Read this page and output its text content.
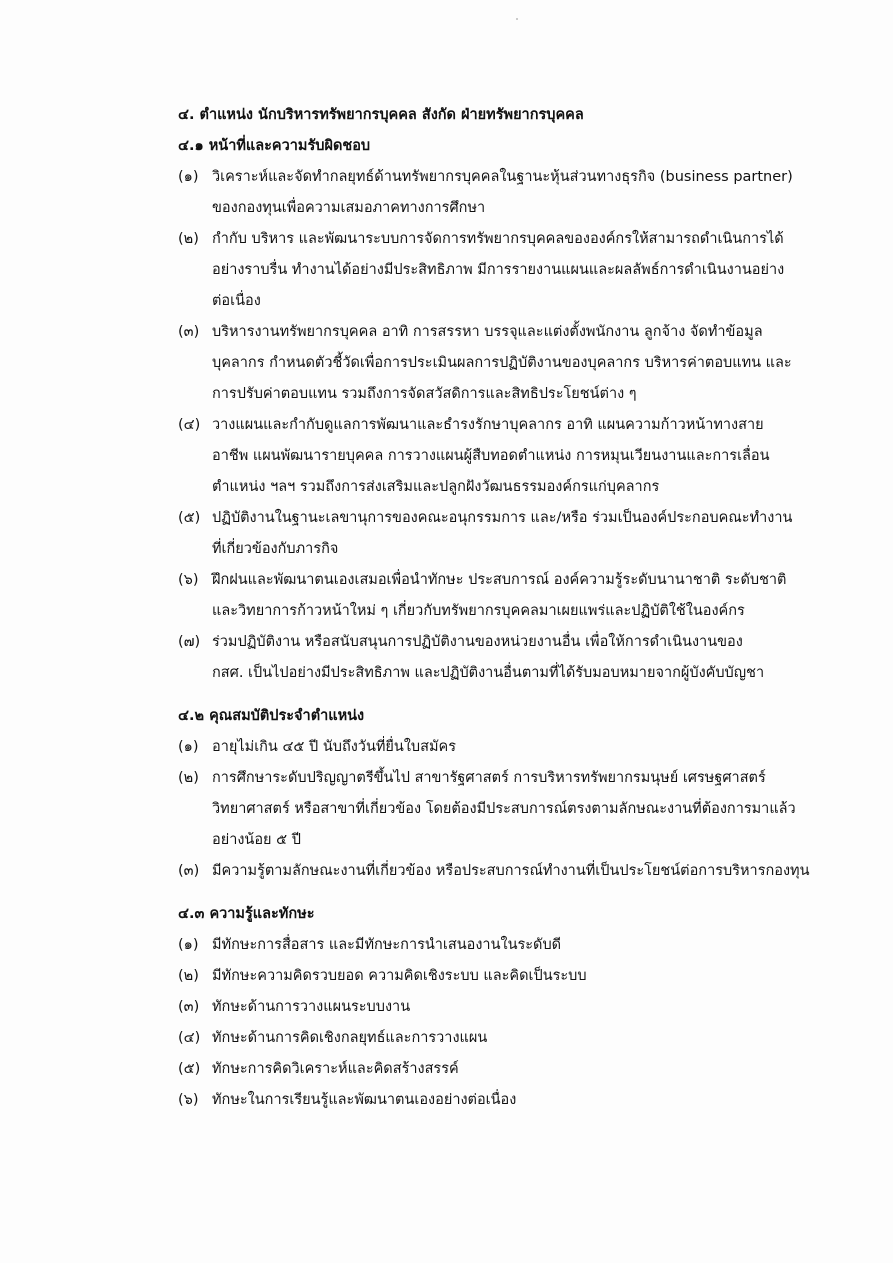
๔. ตำแหน่ง นักบริหารทรัพยากรบุคคล สังกัด ฝ่ายทรัพยากรบุคคล

๔.๑ หน้าที่และความรับผิดชอบ

(๑) วิเคราะห์และจัดทำกลยุทธ์ด้านทรัพยากรบุคคลในฐานะหุ้นส่วนทางธุรกิจ (business partner)
ของกองทุนเพื่อความเสมอภาคทางการศึกษา
(๒) กำกับ บริหาร และพัฒนาระบบการจัดการทรัพยากรบุคคลขององค์กรให้สามารถดำเนินการได้
อย่างราบรื่น ทำงานได้อย่างมีประสิทธิภาพ มีการรายงานแผนและผลลัพธ์การดำเนินงานอย่าง
ต่อเนื่อง
(๓) บริหารงานทรัพยากรบุคคล อาทิ การสรรหา บรรจุและแต่งตั้งพนักงาน ลูกจ้าง จัดทำข้อมูล
บุคลากร กำหนดตัวชี้วัดเพื่อการประเมินผลการปฏิบัติงานของบุคลากร บริหารค่าตอบแทน และ
การปรับค่าตอบแทน รวมถึงการจัดสวัสดิการและสิทธิประโยชน์ต่าง ๆ
(๔) วางแผนและกำกับดูแลการพัฒนาและธำรงรักษาบุคลากร อาทิ แผนความก้าวหน้าทางสาย
อาชีพ แผนพัฒนารายบุคคล การวางแผนผู้สืบทอดตำแหน่ง การหมุนเวียนงานและการเลื่อน
ตำแหน่ง ฯลฯ รวมถึงการส่งเสริมและปลูกฝังวัฒนธรรมองค์กรแก่บุคลากร
(๕) ปฏิบัติงานในฐานะเลขานุการของคณะอนุกรรมการ และ/หรือ ร่วมเป็นองค์ประกอบคณะทำงาน
ที่เกี่ยวข้องกับภารกิจ
(๖) ฝึกฝนและพัฒนาตนเองเสมอเพื่อนำทักษะ ประสบการณ์ องค์ความรู้ระดับนานาชาติ ระดับชาติ
และวิทยาการก้าวหน้าใหม่ ๆ เกี่ยวกับทรัพยากรบุคคลมาเผยแพร่และปฏิบัติใช้ในองค์กร
(๗) ร่วมปฏิบัติงาน หรือสนับสนุนการปฏิบัติงานของหน่วยงานอื่น เพื่อให้การดำเนินงานของ
กสศ. เป็นไปอย่างมีประสิทธิภาพ และปฏิบัติงานอื่นตามที่ได้รับมอบหมายจากผู้บังคับบัญชา

๔.๒ คุณสมบัติประจำตำแหน่ง

(๑) อายุไม่เกิน ๔๕ ปี นับถึงวันที่ยื่นใบสมัคร
(๒) การศึกษาระดับปริญญาตรีขึ้นไป สาขารัฐศาสตร์ การบริหารทรัพยากรมนุษย์ เศรษฐศาสตร์
วิทยาศาสตร์ หรือสาขาที่เกี่ยวข้อง โดยต้องมีประสบการณ์ตรงตามลักษณะงานที่ต้องการมาแล้ว
อย่างน้อย ๕ ปี
(๓) มีความรู้ตามลักษณะงานที่เกี่ยวข้อง หรือประสบการณ์ทำงานที่เป็นประโยชน์ต่อการบริหารกองทุน

๔.๓ ความรู้และทักษะ

(๑) มีทักษะการสื่อสาร และมีทักษะการนำเสนองานในระดับดี
(๒) มีทักษะความคิดรวบยอด ความคิดเชิงระบบ และคิดเป็นระบบ
(๓) ทักษะด้านการวางแผนระบบงาน
(๔) ทักษะด้านการคิดเชิงกลยุทธ์และการวางแผน
(๕) ทักษะการคิดวิเคราะห์และคิดสร้างสรรค์
(๖) ทักษะในการเรียนรู้และพัฒนาตนเองอย่างต่อเนื่อง
